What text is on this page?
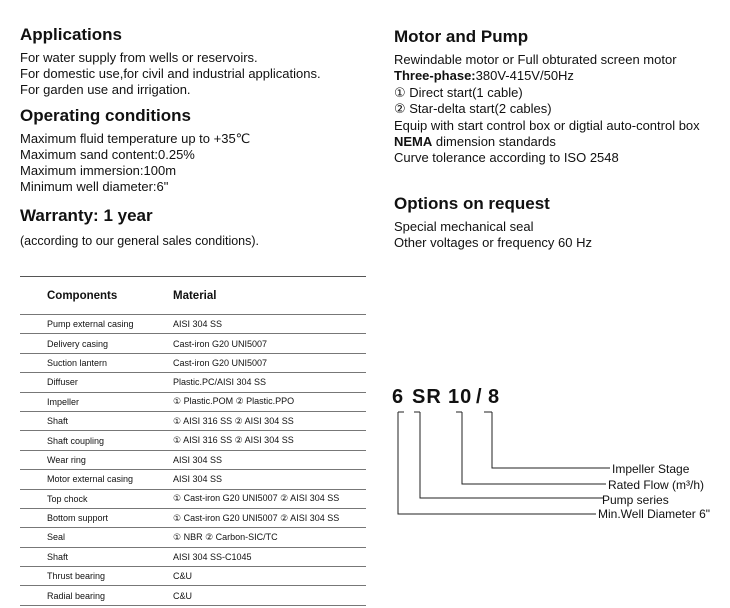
Applications

For water supply from wells or reservoirs.

For domestic use,for civil and industrial applications.

For garden use and irrigation.

Operating conditions

Maximum fluid temperature up to +35℃

Maximum sand content:0.25%

Maximum immersion:100m

Minimum well diameter:6"

Warranty: 1 year

(according to our general sales conditions).

Components	Material
Pump external casing	AISI 304 SS
Delivery casing	Cast-iron G20 UNI5007
Suction lantern	Cast-iron G20 UNI5007
Diffuser	Plastic.PC/AISI 304 SS
Impeller	① Plastic.POM ② Plastic.PPO
Shaft	① AISI 316 SS ② AISI 304 SS
Shaft coupling	① AISI 316 SS ② AISI 304 SS
Wear ring	AISI 304 SS
Motor external casing	AISI 304 SS
Top chock	① Cast-iron G20 UNI5007 ② AISI 304 SS
Bottom support	① Cast-iron G20 UNI5007 ② AISI 304 SS
Seal	① NBR ② Carbon-SIC/TC
Shaft	AISI 304 SS-C1045
Thrust bearing	C&U
Radial bearing	C&U
Motor and Pump

Rewindable motor or Full obturated screen motor

Three-phase:380V-415V/50Hz

① Direct start(1 cable)

② Star-delta start(2 cables)

Equip with start control box or digtial auto-control box

NEMA dimension standards

Curve tolerance according to ISO 2548

Options on request

Special mechanical seal

Other voltages or frequency 60 Hz

6 SR 10 / 8
Impeller Stage
Rated Flow (m³/h)
Pump series
Min.Well Diameter 6"
